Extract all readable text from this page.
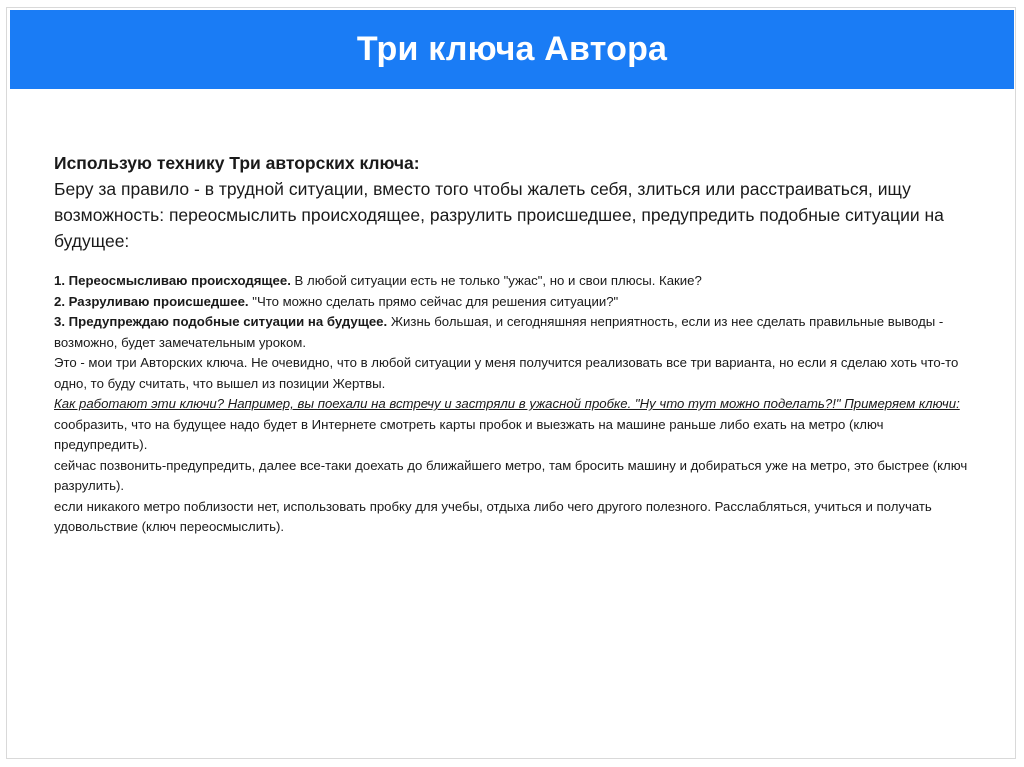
Три ключа Автора

Использую технику Три авторских ключа:

Беру за правило - в трудной ситуации, вместо того чтобы жалеть себя, злиться или расстраиваться, ищу возможность: переосмыслить происходящее, разрулить происшедшее, предупредить подобные ситуации на будущее:

1. Переосмысливаю происходящее. В любой ситуации есть не только "ужас", но и свои плюсы. Какие?

2. Разруливаю происшедшее. "Что можно сделать прямо сейчас для решения ситуации?"

3. Предупреждаю подобные ситуации на будущее. Жизнь большая, и сегодняшняя неприятность, если из нее сделать правильные выводы - возможно, будет замечательным уроком.

Это - мои три Авторских ключа. Не очевидно, что в любой ситуации у меня получится реализовать все три варианта, но если я сделаю хоть что-то одно, то буду считать, что вышел из позиции Жертвы.

Как работают эти ключи? Например, вы поехали на встречу и застряли в ужасной пробке. "Ну что тут можно поделать?!" Примеряем ключи:

сообразить, что на будущее надо будет в Интернете смотреть карты пробок и выезжать на машине раньше либо ехать на метро (ключ предупредить).

сейчас позвонить-предупредить, далее все-таки доехать до ближайшего метро, там бросить машину и добираться уже на метро, это быстрее (ключ разрулить).

если никакого метро поблизости нет, использовать пробку для учебы, отдыха либо чего другого полезного. Расслабляться, учиться и получать удовольствие (ключ переосмыслить).
